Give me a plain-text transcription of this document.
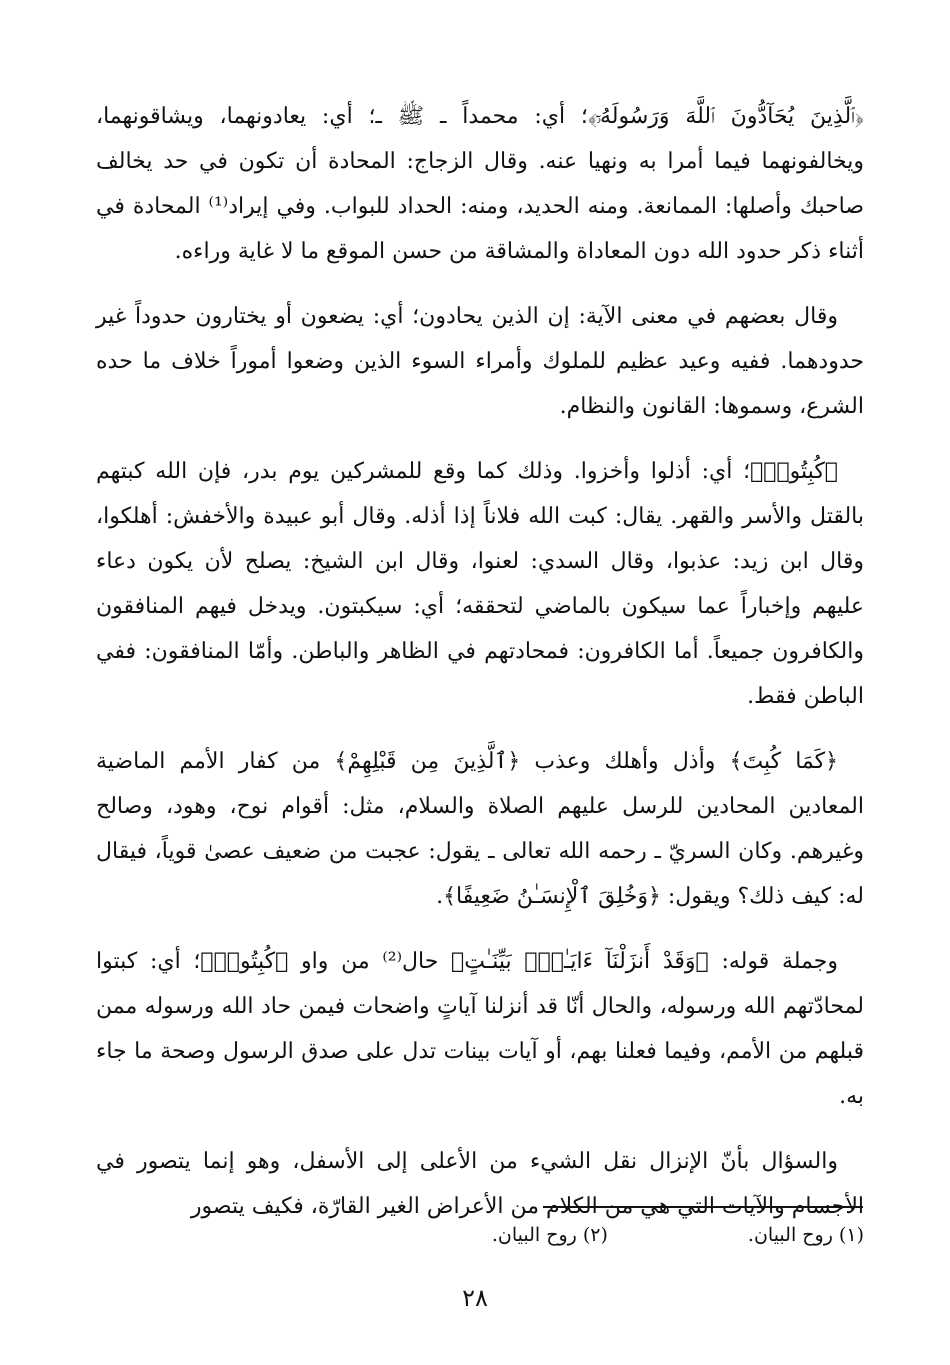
﴿ٱلَّذِينَ يُحَآدُّونَ ٱللَّهَ وَرَسُولَهُۥٓ﴾؛ أي: محمداً ـ ﷺ ـ؛ أي: يعادونهما، ويشاقونهما، ويخالفونهما فيما أمرا به ونهيا عنه. وقال الزجاج: المحادة أن تكون في حد يخالف صاحبك وأصلها: الممانعة. ومنه الحديد، ومنه: الحداد للبواب. وفي إيراد⁽¹⁾ المحادة في أثناء ذكر حدود الله دون المعاداة والمشاقة من حسن الموقع ما لا غاية وراءه.

وقال بعضهم في معنى الآية: إن الذين يحادون؛ أي: يضعون أو يختارون حدوداً غير حدودهما. ففيه وعيد عظيم للملوك وأمراء السوء الذين وضعوا أموراً خلاف ما حده الشرع، وسموها: القانون والنظام.

﴿كُبِتُوا۟﴾؛ أي: أذلوا وأخزوا. وذلك كما وقع للمشركين يوم بدر، فإن الله كبتهم بالقتل والأسر والقهر. يقال: كبت الله فلاناً إذا أذله. وقال أبو عبيدة والأخفش: أهلكوا، وقال ابن زيد: عذبوا، وقال السدي: لعنوا، وقال ابن الشيخ: يصلح لأن يكون دعاء عليهم وإخباراً عما سيكون بالماضي لتحققه؛ أي: سيكبتون. ويدخل فيهم المنافقون والكافرون جميعاً. أما الكافرون: فمحادتهم في الظاهر والباطن. وأمّا المنافقون: ففي الباطن فقط.

﴿كَمَا كُبِتَ﴾ وأذل وأهلك وعذب ﴿ٱلَّذِينَ مِن قَبْلِهِمْ﴾ من كفار الأمم الماضية المعادين المحادين للرسل عليهم الصلاة والسلام، مثل: أقوام نوح، وهود، وصالح وغيرهم. وكان السريّ ـ رحمه الله تعالى ـ يقول: عجبت من ضعيف عصىٰ قوياً، فيقال له: كيف ذلك؟ ويقول: ﴿وَخُلِقَ ٱلْإِنسَـٰنُ ضَعِيفًا﴾.

وجملة قوله: ﴿وَقَدْ أَنزَلْنَآ ءَايَـٰتٍۭ بَيِّنَـٰتٍ﴾ حال⁽²⁾ من واو ﴿كُبِتُوا۟﴾؛ أي: كبتوا لمحادّتهم الله ورسوله، والحال أنّا قد أنزلنا آياتٍ واضحات فيمن حاد الله ورسوله ممن قبلهم من الأمم، وفيما فعلنا بهم، أو آيات بينات تدل على صدق الرسول وصحة ما جاء به.

والسؤال بأنّ الإنزال نقل الشيء من الأعلى إلى الأسفل، وهو إنما يتصور في الأجسام والآيات التي هي من الكلام من الأعراض الغير القارّة، فكيف يتصور

(١) روح البيان.
(٢) روح البيان.
٢٨
